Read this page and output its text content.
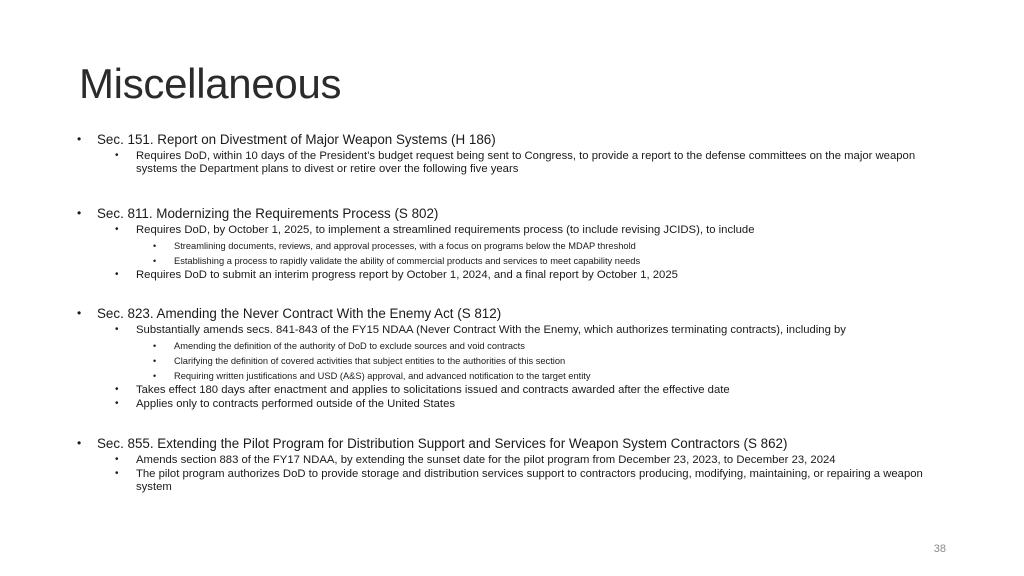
Miscellaneous
• Sec. 151. Report on Divestment of Major Weapon Systems (H 186)
• Requires DoD, within 10 days of the President’s budget request being sent to Congress, to provide a report to the defense committees on the major weapon systems the Department plans to divest or retire over the following five years
• Sec. 811. Modernizing the Requirements Process (S 802)
• Requires DoD, by October 1, 2025, to implement a streamlined requirements process (to include revising JCIDS), to include
• Streamlining documents, reviews, and approval processes, with a focus on programs below the MDAP threshold
• Establishing a process to rapidly validate the ability of commercial products and services to meet capability needs
• Requires DoD to submit an interim progress report by October 1, 2024, and a final report by October 1, 2025
• Sec. 823. Amending the Never Contract With the Enemy Act (S 812)
• Substantially amends secs. 841-843 of the FY15 NDAA (Never Contract With the Enemy, which authorizes terminating contracts), including by
• Amending the definition of the authority of DoD to exclude sources and void contracts
• Clarifying the definition of covered activities that subject entities to the authorities of this section
• Requiring written justifications and USD (A&S) approval, and advanced notification to the target entity
• Takes effect 180 days after enactment and applies to solicitations issued and contracts awarded after the effective date
• Applies only to contracts performed outside of the United States
• Sec. 855. Extending the Pilot Program for Distribution Support and Services for Weapon System Contractors (S 862)
• Amends section 883 of the FY17 NDAA, by extending the sunset date for the pilot program from December 23, 2023, to December 23, 2024
• The pilot program authorizes DoD to provide storage and distribution services support to contractors producing, modifying, maintaining, or repairing a weapon system
38
